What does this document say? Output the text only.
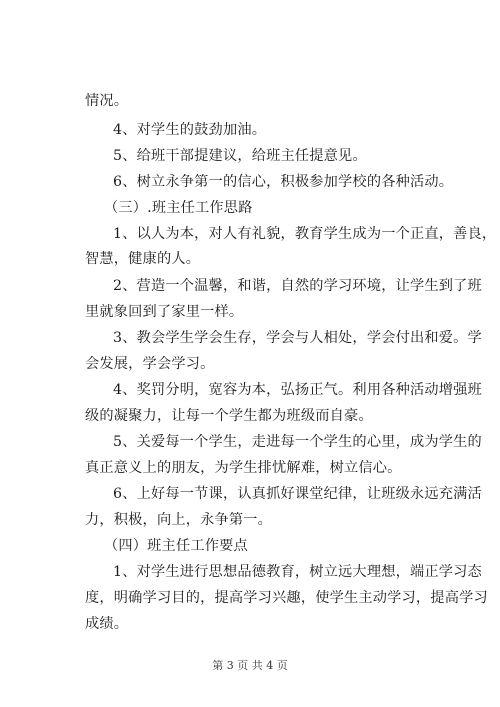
情况。
4、对学生的鼓劲加油。
5、给班干部提建议，给班主任提意见。
6、树立永争第一的信心，积极参加学校的各种活动。
（三）.班主任工作思路
1、以人为本，对人有礼貌，教育学生成为一个正直，善良，
智慧，健康的人。
2、营造一个温馨，和谐，自然的学习环境，让学生到了班
里就象回到了家里一样。
3、教会学生学会生存，学会与人相处，学会付出和爱。学
会发展，学会学习。
4、奖罚分明，宽容为本，弘扬正气。利用各种活动增强班
级的凝聚力，让每一个学生都为班级而自豪。
5、关爱每一个学生，走进每一个学生的心里，成为学生的
真正意义上的朋友，为学生排忧解难，树立信心。
6、上好每一节课，认真抓好课堂纪律，让班级永远充满活
力，积极，向上，永争第一。
（四）班主任工作要点
1、对学生进行思想品德教育，树立远大理想，端正学习态
度，明确学习目的，提高学习兴趣，使学生主动学习，提高学习
成绩。
第 3 页 共 4 页
